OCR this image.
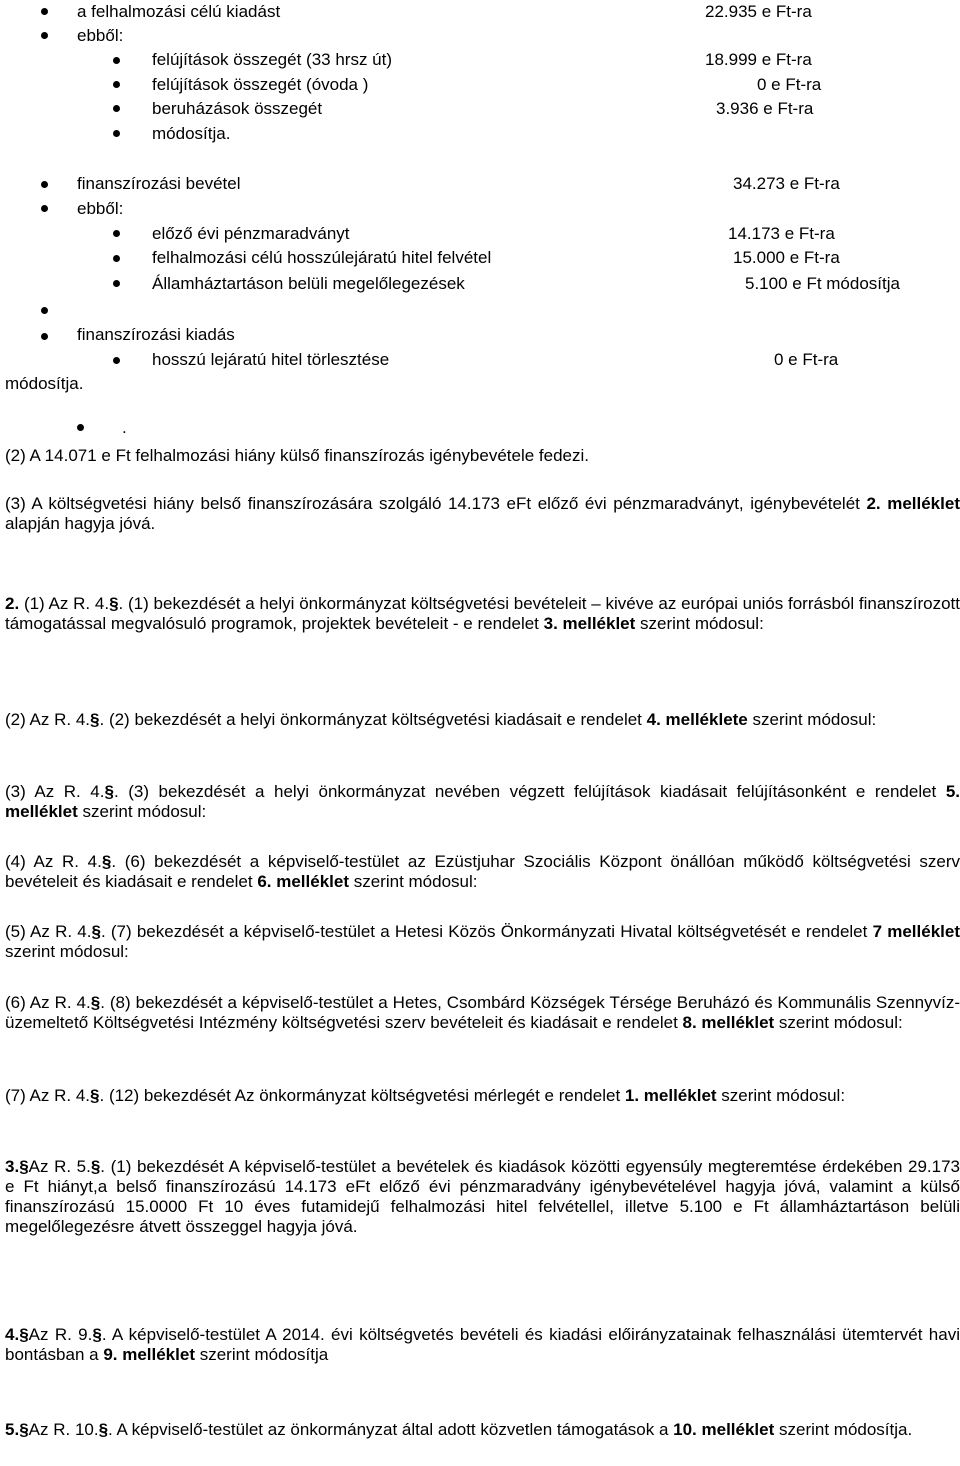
a felhalmozási célú kiadást	22.935 e Ft-ra
ebből:
felújítások összegét (33 hrsz út)	18.999 e Ft-ra
felújítások összegét (óvoda )	0 e Ft-ra
beruházások összegét	3.936 e Ft-ra
módosítja.
finanszírozási bevétel	34.273 e Ft-ra
ebből:
előző évi pénzmaradványt	14.173 e Ft-ra
felhalmozási célú hosszúlejáratú hitel felvétel	15.000 e Ft-ra
Államháztartáson belüli megelőlegezések	5.100 e Ft módosítja
finanszírozási kiadás
hosszú lejáratú hitel törlesztése	0 e Ft-ra
módosítja.
.
(2) A 14.071 e Ft felhalmozási hiány külső finanszírozás igénybevétele fedezi.
(3) A költségvetési hiány belső finanszírozására szolgáló 14.173 eFt előző évi pénzmaradványt, igénybevételét 2. melléklet alapján hagyja jóvá.
2. (1) Az R. 4.§. (1) bekezdését a helyi önkormányzat költségvetési bevételeit – kivéve az európai uniós forrásból finanszírozott támogatással megvalósuló programok, projektek bevételeit - e rendelet 3. melléklet szerint módosul:
(2) Az R. 4.§. (2) bekezdését a helyi önkormányzat költségvetési kiadásait e rendelet 4. melléklete szerint módosul:
(3) Az R. 4.§. (3) bekezdését a helyi önkormányzat nevében végzett felújítások kiadásait felújításonként e rendelet 5. melléklet szerint módosul:
(4) Az R. 4.§. (6) bekezdését a képviselő-testület az Ezüstjuhar Szociális Központ önállóan működő költségvetési szerv bevételeit és kiadásait e rendelet 6. melléklet szerint módosul:
(5) Az R. 4.§. (7) bekezdését a képviselő-testület a Hetesi Közös Önkormányzati Hivatal költségvetését e rendelet 7 melléklet szerint módosul:
(6) Az R. 4.§. (8) bekezdését a képviselő-testület a Hetes, Csombárd Községek Térsége Beruházó és Kommunális Szennyvíz-üzemeltető Költségvetési Intézmény költségvetési szerv bevételeit és kiadásait e rendelet 8. melléklet szerint módosul:
(7) Az R. 4.§. (12) bekezdését Az önkormányzat költségvetési mérlegét e rendelet 1. melléklet szerint módosul:
3.§Az R. 5.§. (1) bekezdését A képviselő-testület a bevételek és kiadások közötti egyensúly megteremtése érdekében 29.173 e Ft hiányt,a belső finanszírozású 14.173 eFt előző évi pénzmaradvány igénybevételével hagyja jóvá, valamint a külső finanszírozású 15.0000 Ft 10 éves futamidejű felhalmozási hitel felvétellel, illetve 5.100 e Ft államháztartáson belüli megelőlegezésre átvett összeggel hagyja jóvá.
4.§Az R. 9.§. A képviselő-testület A 2014. évi költségvetés bevételi és kiadási előirányzatainak felhasználási ütemtervét havi bontásban a 9. melléklet szerint módosítja
5.§Az R. 10.§. A képviselő-testület az önkormányzat által adott közvetlen támogatások a 10. melléklet szerint módosítja.
